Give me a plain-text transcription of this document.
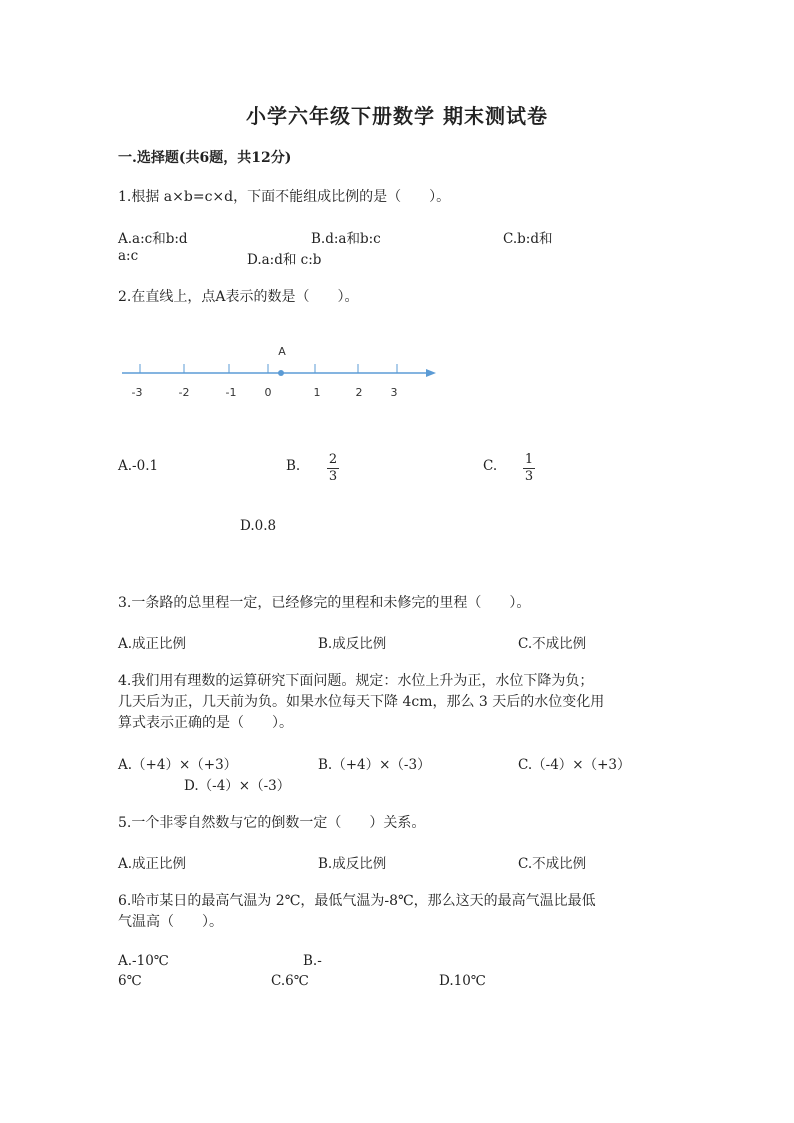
小学六年级下册数学 期末测试卷
一.选择题(共6题，共12分)
1.根据 a×b=c×d，下面不能组成比例的是（　　）。
A.a:c和b:d	B.d:a和b:c	C.b:d和
a:c	D.a:d和 c:b
2.在直线上，点A表示的数是（　　）。
A
-3	-2	-1	0	1	2	3
A.-0.1	B. 2
3
C. 1
3
D.0.8
3.一条路的总里程一定，已经修完的里程和未修完的里程（　　）。
A.成正比例	B.成反比例	C.不成比例
4.我们用有理数的运算研究下面问题。规定：水位上升为正，水位下降为负；
几天后为正，几天前为负。如果水位每天下降 4cm，那么 3 天后的水位变化用
算式表示正确的是（　　）。
A.（+4）×（+3）	B.（+4）×（-3）	C.（-4）×（+3）
D.（-4）×（-3）
5.一个非零自然数与它的倒数一定（　　）关系。
A.成正比例	B.成反比例	C.不成比例
6.哈市某日的最高气温为 2℃，最低气温为-8℃，那么这天的最高气温比最低
气温高（　　）。
A.-10℃	B.-
6℃	C.6℃	D.10℃
